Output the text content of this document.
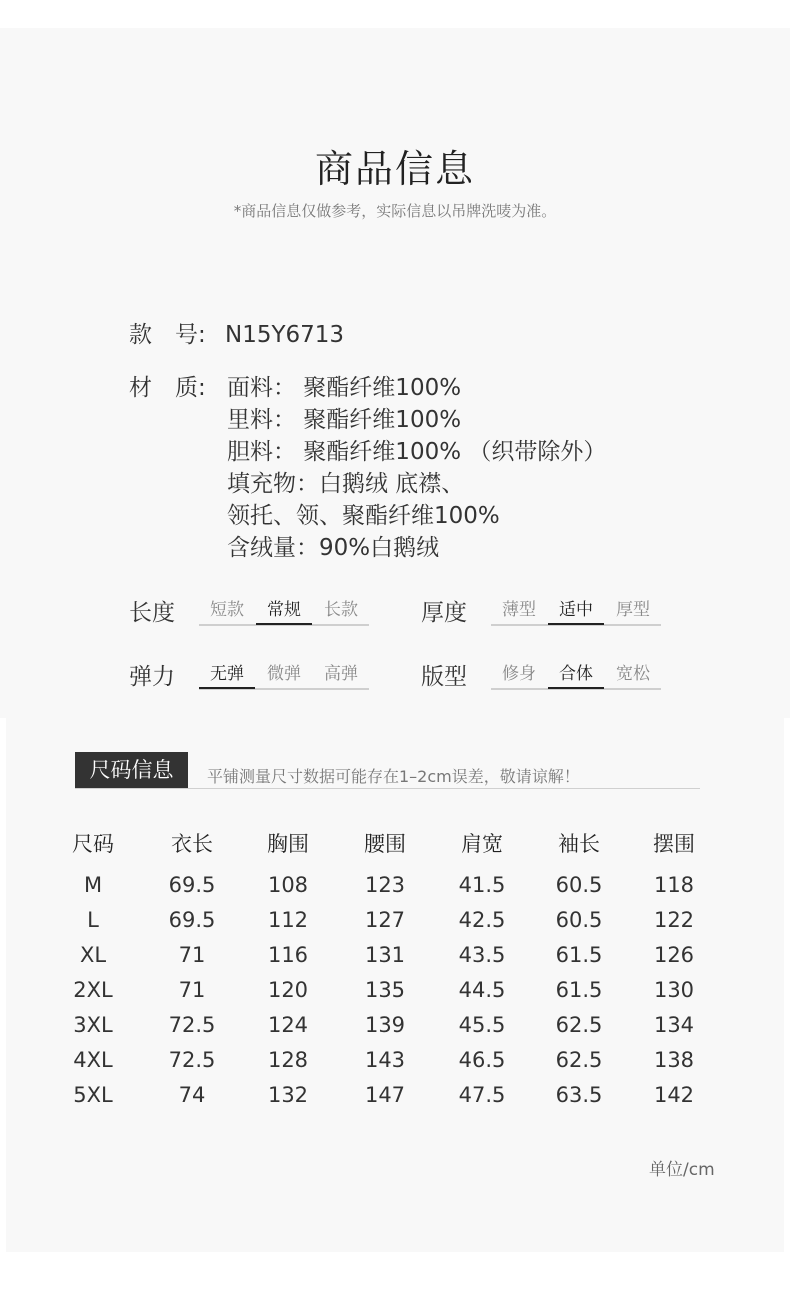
商品信息
*商品信息仅做参考，实际信息以吊牌洗唛为准。
款　号: N15Y6713
材　质: 面料： 聚酯纤维100%
里料： 聚酯纤维100%
胆料： 聚酯纤维100% （织带除外）
填充物：白鹅绒 底襟、
领托、领、聚酯纤维100%
含绒量：90%白鹅绒
长度	短款	常规	长款	厚度	薄型	适中	厚型
弹力	无弹	微弹	高弹	版型	修身	合体	宽松
尺码信息	平铺测量尺寸数据可能存在1–2cm误差，敬请谅解！
尺码	衣长	胸围	腰围	肩宽	袖长	摆围
M	69.5	108	123	41.5	60.5	118
L	69.5	112	127	42.5	60.5	122
XL	71	116	131	43.5	61.5	126
2XL	71	120	135	44.5	61.5	130
3XL	72.5	124	139	45.5	62.5	134
4XL	72.5	128	143	46.5	62.5	138
5XL	74	132	147	47.5	63.5	142
单位/cm
